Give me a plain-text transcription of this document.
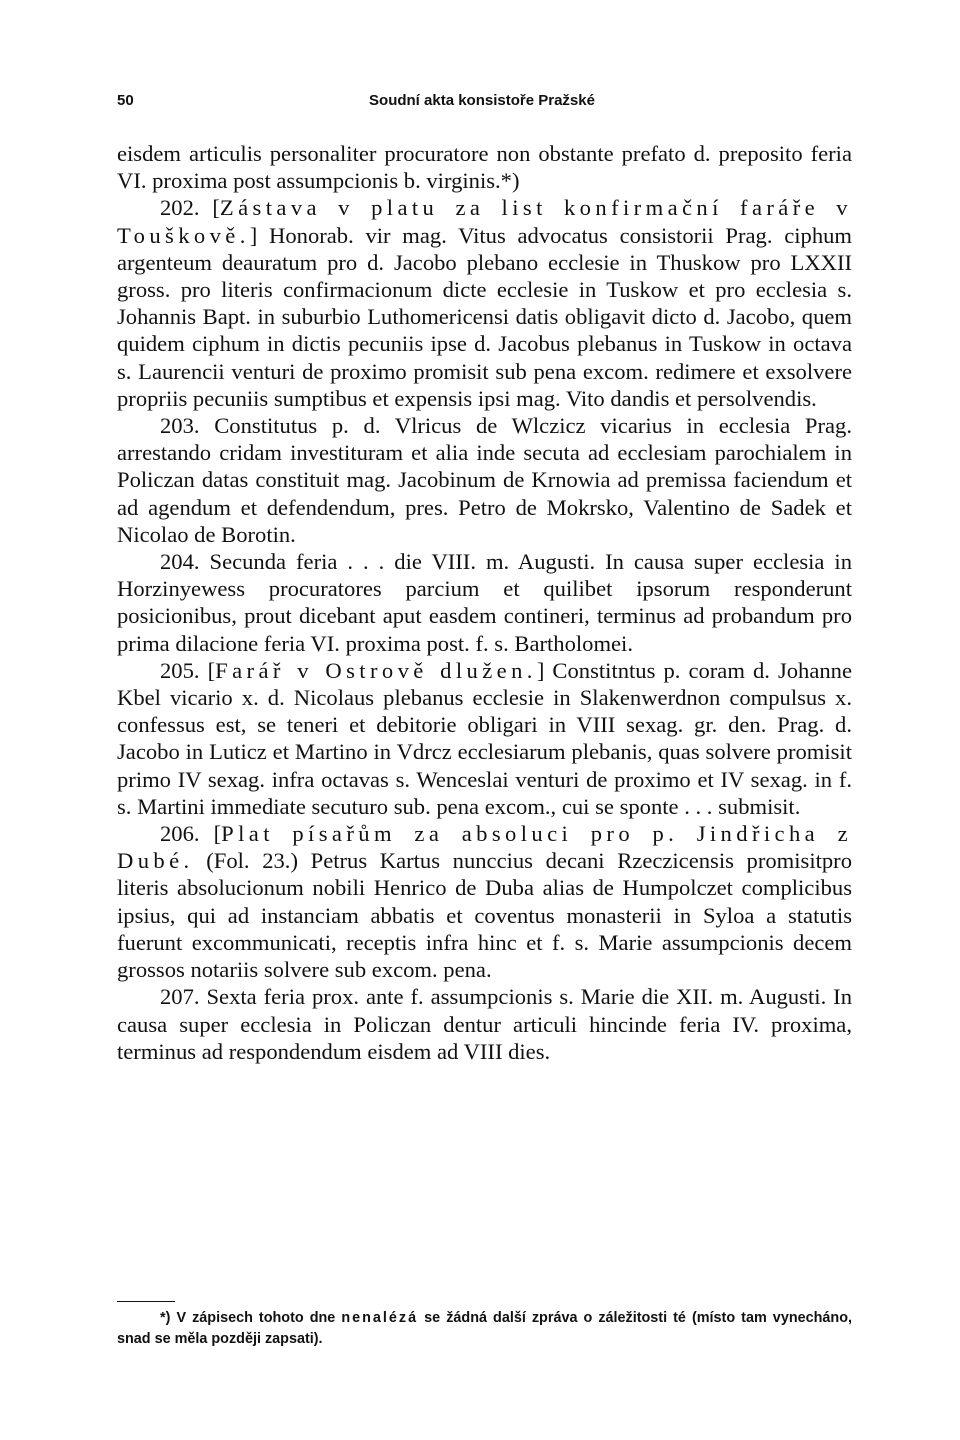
50	Soudní akta konsistoře Pražské

eisdem articulis personaliter procuratore non obstante prefato d. preposito feria VI. proxima post assumpcionis b. virginis.*)

202. [Zástava v platu za list konfirmační faráře v Touškově.] Honorab. vir mag. Vitus advocatus consistorii Prag. ciphum argenteum deauratum pro d. Jacobo plebano ecclesie in Thuskow pro LXXII gross. pro literis confirmacionum dicte ecclesie in Tuskow et pro ecclesia s. Johannis Bapt. in suburbio Luthomericensi datis obligavit dicto d. Jacobo, quem quidem ciphum in dictis pecuniis ipse d. Jacobus plebanus in Tuskow in octava s. Laurencii venturi de proximo promisit sub pena excom. redimere et exsolvere propriis pecuniis sumptibus et expensis ipsi mag. Vito dandis et persolvendis.

203. Constitutus p. d. Vlricus de Wlczicz vicarius in ecclesia Prag. arrestando cridam investituram et alia inde secuta ad ecclesiam parochialem in Policzan datas constituit mag. Jacobinum de Krnowia ad premissa faciendum et ad agendum et defendendum, pres. Petro de Mokrsko, Valentino de Sadek et Nicolao de Borotin.

204. Secunda feria . . . die VIII. m. Augusti. In causa super ecclesia in Horzinyewess procuratores parcium et quilibet ipsorum responderunt posicionibus, prout dicebant aput easdem contineri, terminus ad probandum pro prima dilacione feria VI. proxima post. f. s. Bartholomei.

205. [Farář v Ostrově dlužen.] Constitntus p. coram d. Johanne Kbel vicario x. d. Nicolaus plebanus ecclesie in Slakenwerdnon compulsus x. confessus est, se teneri et debitorie obligari in VIII sexag. gr. den. Prag. d. Jacobo in Luticz et Martino in Vdrcz ecclesiarum plebanis, quas solvere promisit primo IV sexag. infra octavas s. Wenceslai venturi de proximo et IV sexag. in f. s. Martini immediate secuturo sub. pena excom., cui se sponte . . . submisit.

206. [Plat písařům za absoluci pro p. Jindřicha z Dubé. (Fol. 23.) Petrus Kartus nunccius decani Rzeczicensis promisitpro literis absolucionum nobili Henrico de Duba alias de Humpolczet complicibus ipsius, qui ad instanciam abbatis et coventus monasterii in Syloa a statutis fuerunt excommunicati, receptis infra hinc et f. s. Marie assumpcionis decem grossos notariis solvere sub excom. pena.

207. Sexta feria prox. ante f. assumpcionis s. Marie die XII. m. Augusti. In causa super ecclesia in Policzan dentur articuli hincinde feria IV. proxima, terminus ad respondendum eisdem ad VIII dies.

*) V zápisech tohoto dne nenalézá se žádná další zpráva o záležitosti té (místo tam vynecháno, snad se měla později zapsati).
